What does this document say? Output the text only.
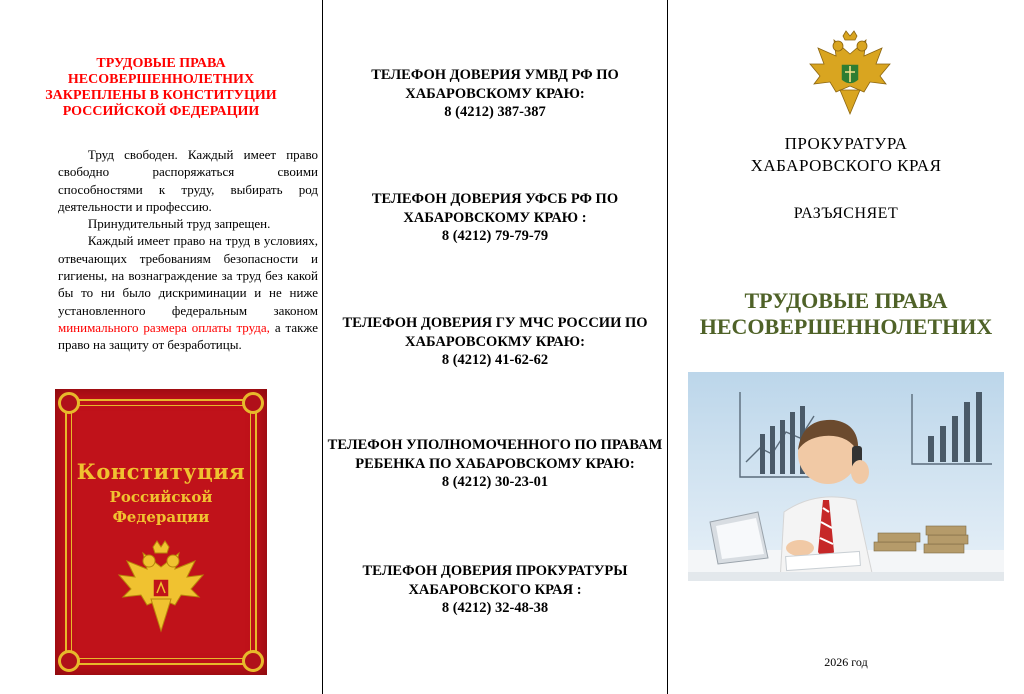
ТРУДОВЫЕ ПРАВА НЕСОВЕРШЕННОЛЕТНИХ ЗАКРЕПЛЕНЫ В КОНСТИТУЦИИ РОССИЙСКОЙ ФЕДЕРАЦИИ

Труд свободен. Каждый имеет право свободно распоряжаться своими способностями к труду, выбирать род деятельности и профессию.

Принудительный труд запрещен.

Каждый имеет право на труд в условиях, отвечающих требованиям безопасности и гигиены, на вознаграждение за труд без какой бы то ни было дискриминации и не ниже установленного федеральным законом минимального размера оплаты труда, а также право на защиту от безработицы.

Конституция
Российской
Федерации
ТЕЛЕФОН ДОВЕРИЯ УМВД РФ ПО ХАБАРОВСКОМУ КРАЮ:
8 (4212) 387-387
ТЕЛЕФОН ДОВЕРИЯ УФСБ РФ ПО ХАБАРОВСКОМУ КРАЮ :
8 (4212) 79-79-79
ТЕЛЕФОН ДОВЕРИЯ ГУ МЧС РОССИИ ПО ХАБАРОВСОКМУ КРАЮ:
8 (4212) 41-62-62
ТЕЛЕФОН УПОЛНОМОЧЕННОГО ПО ПРАВАМ РЕБЕНКА ПО ХАБАРОВСКОМУ КРАЮ:
8 (4212) 30-23-01
ТЕЛЕФОН ДОВЕРИЯ ПРОКУРАТУРЫ ХАБАРОВСКОГО КРАЯ :
8 (4212) 32-48-38
ПРОКУРАТУРА
ХАБАРОВСКОГО КРАЯ
РАЗЪЯСНЯЕТ
ТРУДОВЫЕ ПРАВА
НЕСОВЕРШЕННОЛЕТНИХ
2026 год
